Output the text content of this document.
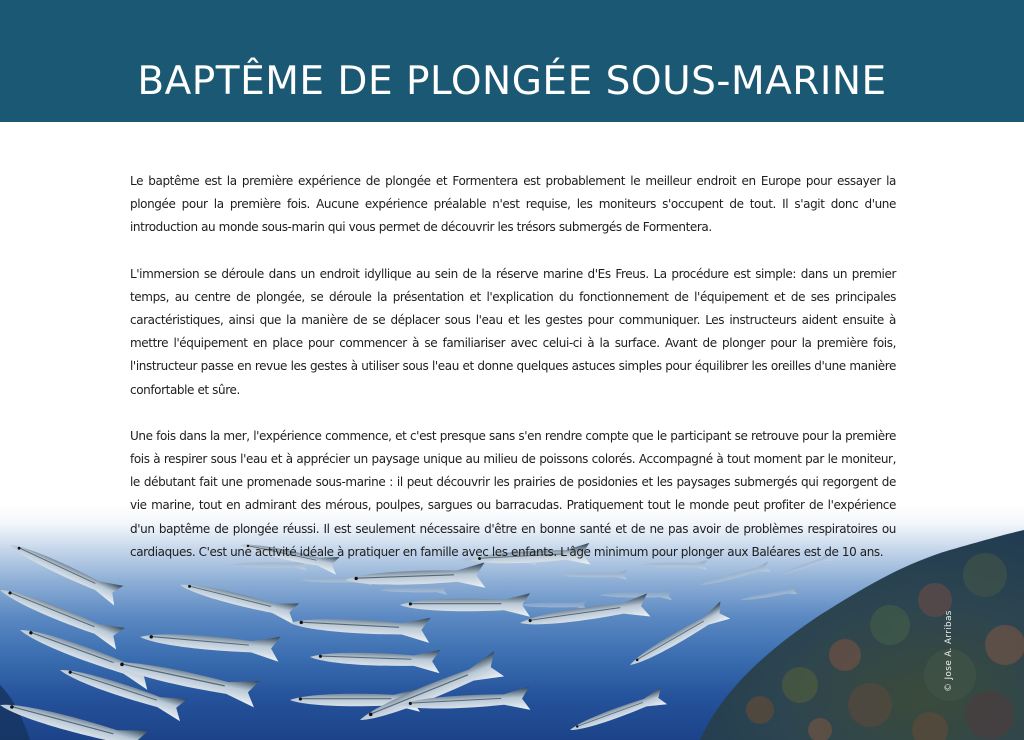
BAPTÊME DE PLONGÉE SOUS-MARINE

Le baptême est la première expérience de plongée et Formentera est probablement le meilleur endroit en Europe pour essayer la plongée pour la première fois. Aucune expérience préalable n'est requise, les moniteurs s'occupent de tout. Il s'agit donc d'une introduction au monde sous-marin qui vous permet de découvrir les trésors submergés de Formentera.

L'immersion se déroule dans un endroit idyllique au sein de la réserve marine d'Es Freus. La procédure est simple: dans un premier temps, au centre de plongée, se déroule la présentation et l'explication du fonctionnement de l'équipement et de ses principales caractéristiques, ainsi que la manière de se déplacer sous l'eau et les gestes pour communiquer. Les instructeurs aident ensuite à mettre l'équipement en place pour commencer à se familiariser avec celui-ci à la surface. Avant de plonger pour la première fois, l'instructeur passe en revue les gestes à utiliser sous l'eau et donne quelques astuces simples pour équilibrer les oreilles d'une manière confortable et sûre.

Une fois dans la mer, l'expérience commence, et c'est presque sans s'en rendre compte que le participant se retrouve pour la première fois à respirer sous l'eau et à apprécier un paysage unique au milieu de poissons colorés. Accompagné à tout moment par le moniteur, le débutant fait une promenade sous-marine : il peut découvrir les prairies de posidonies et les paysages submergés qui regorgent de vie marine, tout en admirant des mérous, poulpes, sargues ou barracudas. Pratiquement tout le monde peut profiter de l'expérience d'un baptême de plongée réussi. Il est seulement nécessaire d'être en bonne santé et de ne pas avoir de problèmes respiratoires ou cardiaques. C'est une activité idéale à pratiquer en famille avec les enfants. L'âge minimum pour plonger aux Baléares est de 10 ans.

© Jose A. Arribas
